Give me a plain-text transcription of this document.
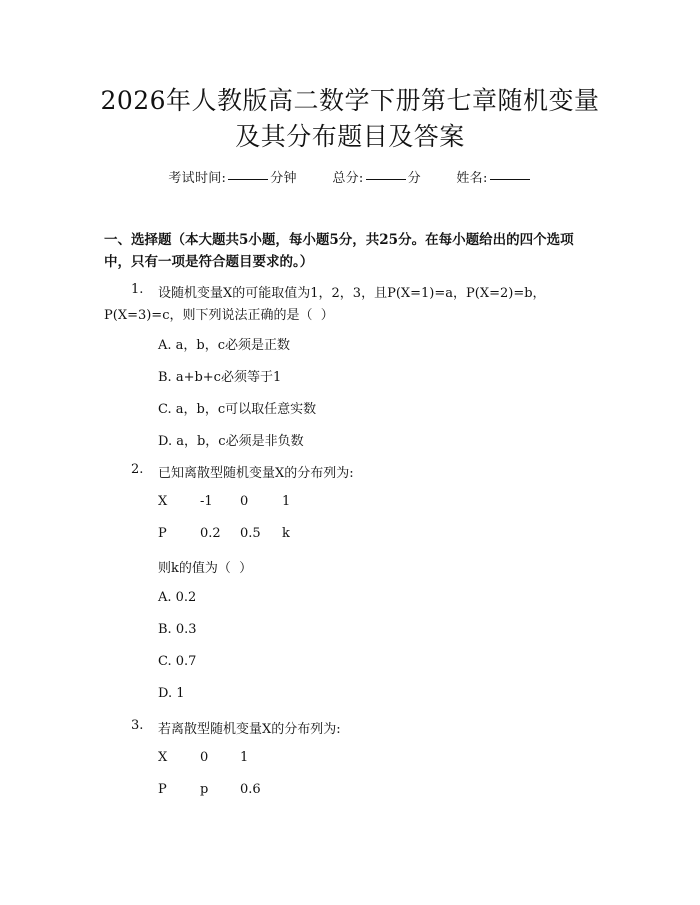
2026年人教版高二数学下册第七章随机变量
及其分布题目及答案
考试时间:	分钟	总分:	分	姓名:
一、选择题（本大题共5小题，每小题5分，共25分。在每小题给出的四个选项
中，只有一项是符合题目要求的。）
1. 设随机变量X的可能取值为1，2，3，且P(X=1)=a，P(X=2)=b，
P(X=3)=c，则下列说法正确的是（  ）
A. a，b，c必须是正数
B. a+b+c必须等于1
C. a，b，c可以取任意实数
D. a，b，c必须是非负数
2. 已知离散型随机变量X的分布列为:
X	-1 0	1
P	0.2 0.5 k
则k的值为（  ）
A. 0.2
B. 0.3
C. 0.7
D. 1
3. 若离散型随机变量X的分布列为:
X	0 1
P	p 0.6
